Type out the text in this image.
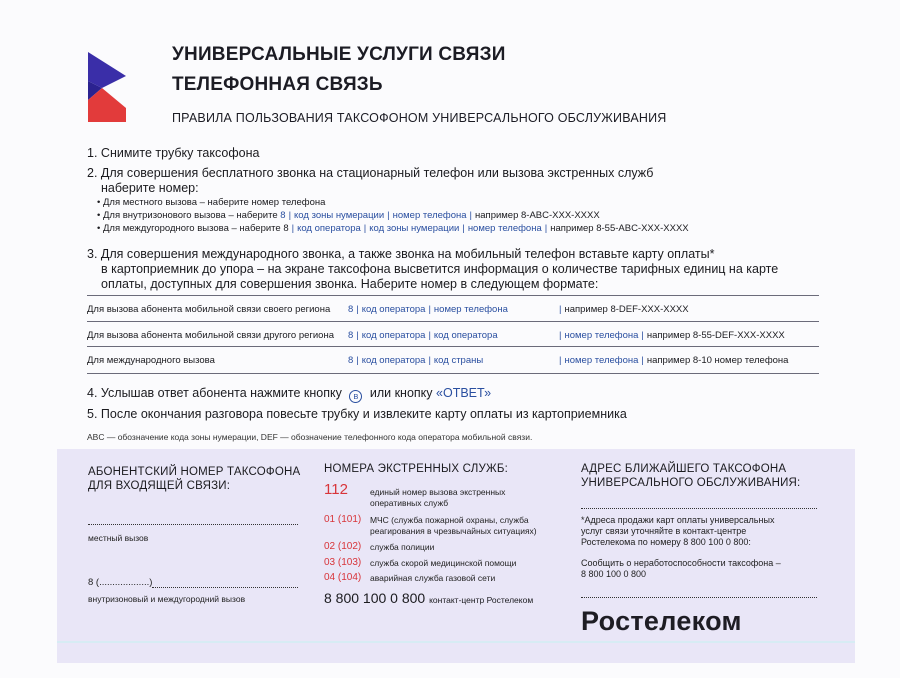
УНИВЕРСАЛЬНЫЕ УСЛУГИ СВЯЗИ
ТЕЛЕФОННАЯ СВЯЗЬ
ПРАВИЛА ПОЛЬЗОВАНИЯ ТАКСОФОНОМ УНИВЕРСАЛЬНОГО ОБСЛУЖИВАНИЯ
1. Снимите трубку таксофона
2. Для совершения бесплатного звонка на стационарный телефон или вызова экстренных служб
наберите номер:
• Для местного вызова – наберите номер телефона
• Для внутризонового вызова – наберите 8 | код зоны нумерации | номер телефона | например 8-ABC-XXX-XXXX
• Для междугородного вызова – наберите 8 | код оператора | код зоны нумерации | номер телефона | например 8-55-ABC-XXX-XXXX
3. Для совершения международного звонка, а также звонка на мобильный телефон вставьте карту оплаты*
в картоприемник до упора – на экране таксофона высветится информация о количестве тарифных единиц на карте
оплаты, доступных для совершения звонка. Наберите номер в следующем формате:
Для вызова абонента мобильной связи своего региона 8 | код оператора | номер телефона	| например 8-DEF-XXX-XXXX
Для вызова абонента мобильной связи другого региона 8 | код оператора | код оператора	| номер телефона | например 8-55-DEF-XXX-XXXX
Для международного вызова	8 | код оператора | код страны	| номер телефона | например 8-10 номер телефона
4. Услышав ответ абонента нажмите кнопку B или кнопку «ОТВЕТ»
5. После окончания разговора повесьте трубку и извлеките карту оплаты из картоприемника
ABC — обозначение кода зоны нумерации, DEF — обозначение телефонного кода оператора мобильной связи.
АБОНЕНТСКИЙ НОМЕР ТАКСОФОНА
ДЛЯ ВХОДЯЩЕЙ СВЯЗИ:
местный вызов
8 (...................)
внутризоновый и междугородний вызов
НОМЕРА ЭКСТРЕННЫХ СЛУЖБ:
112	единый номер вызова экстренных
оперативных служб
01 (101) МЧС (служба пожарной охраны, служба
реагирования в чрезвычайных ситуациях)
02 (102) служба полиции
03 (103) служба скорой медицинской помощи
04 (104) аварийная служба газовой сети
8 800 100 0 800 контакт-центр Ростелеком
АДРЕС БЛИЖАЙШЕГО ТАКСОФОНА
УНИВЕРСАЛЬНОГО ОБСЛУЖИВАНИЯ:
*Адреса продажи карт оплаты универсальных
услуг связи уточняйте в контакт-центре
Ростелекома по номеру 8 800 100 0 800:
Сообщить о неработоспособности таксофона –
8 800 100 0 800
Ростелеком
